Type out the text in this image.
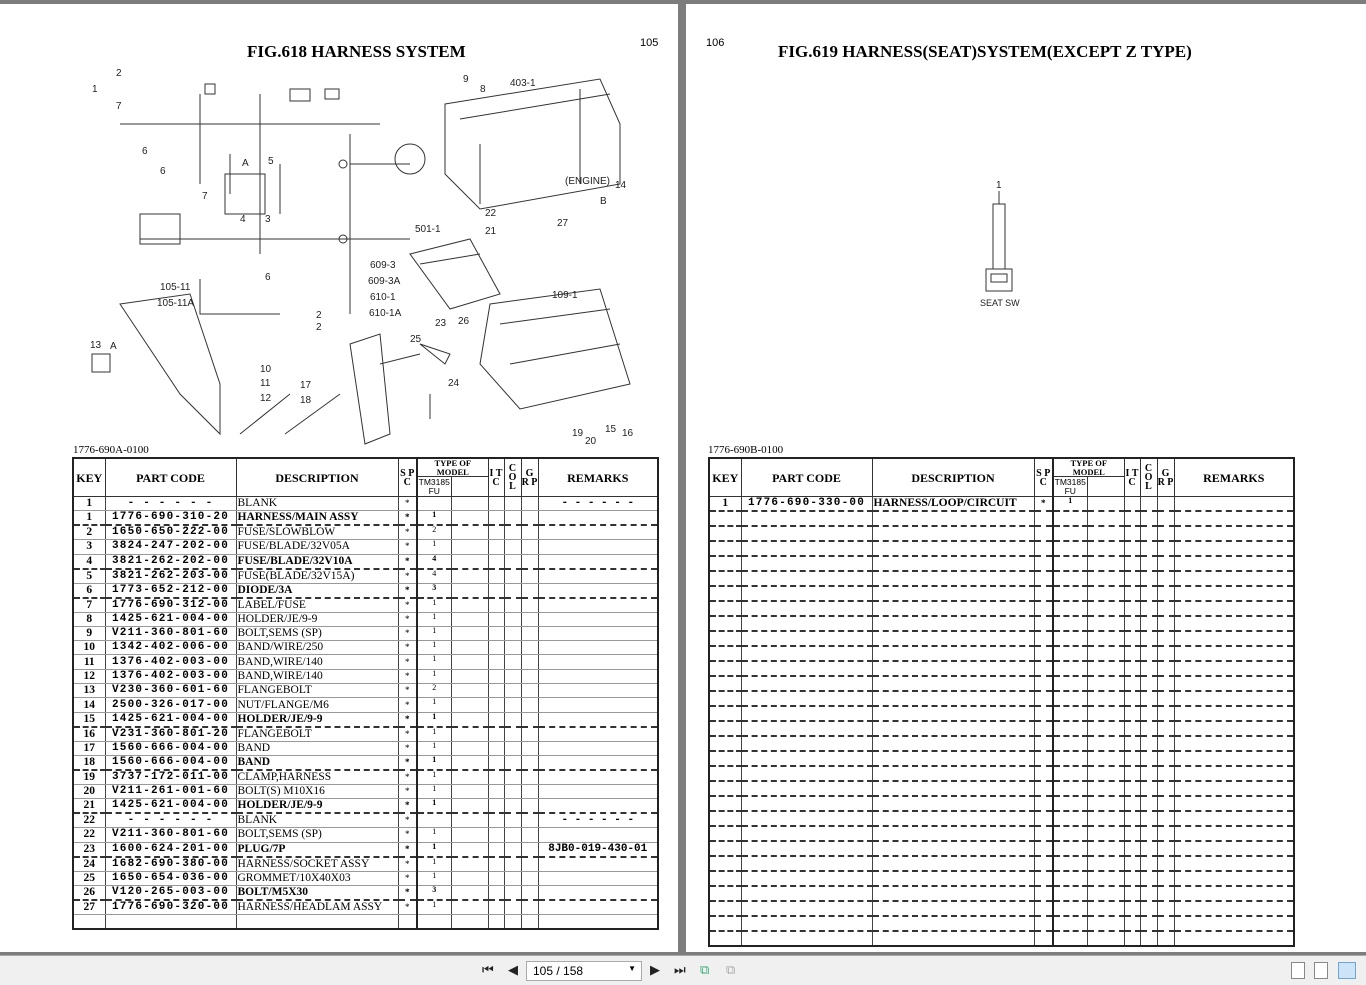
FIG.618 HARNESS SYSTEM	105
1
2
7
9
8
403-1
6
6
5
A
4 3
7
22
21
501-1
27
14
B
(ENGINE)
6
105-11
105-11A
609-3
609-3A
610-1
610-1A
109-1
13 A
10
11
12
17
18
25
23 26
24
19
20
15 16
2
2
1776-690A-0100
KEY	PART CODE	DESCRIPTION	S P C	TYPE OF MODEL		I T C	C O L	G R P	REMARKS
				TM3185 FU					
1	- - - - - -	BLANK	*						- - - - - -
1	1776-690-310-20	HARNESS/MAIN ASSY	*	1					
2	1650-650-222-00	FUSE/SLOWBLOW	*	2					
3	3824-247-202-00	FUSE/BLADE/32V05A	*	1					
4	3821-262-202-00	FUSE/BLADE/32V10A	*	4					
5	3821-262-203-00	FUSE(BLADE/32V15A)	*	4					
6	1773-652-212-00	DIODE/3A	*	3					
7	1776-690-312-00	LABEL/FUSE	*	1					
8	1425-621-004-00	HOLDER/JE/9-9	*	1					
9	V211-360-801-60	BOLT,SEMS (SP)	*	1					
10	1342-402-006-00	BAND/WIRE/250	*	1					
11	1376-402-003-00	BAND,WIRE/140	*	1					
12	1376-402-003-00	BAND,WIRE/140	*	1					
13	V230-360-601-60	FLANGEBOLT	*	2					
14	2500-326-017-00	NUT/FLANGE/M6	*	1					
15	1425-621-004-00	HOLDER/JE/9-9	*	1					
16	V231-360-801-20	FLANGEBOLT	*	1					
17	1560-666-004-00	BAND	*	1					
18	1560-666-004-00	BAND	*	1					
19	3737-172-011-00	CLAMP,HARNESS	*	1					
20	V211-261-001-60	BOLT(S) M10X16	*	1					
21	1425-621-004-00	HOLDER/JE/9-9	*	1					
22	- - - - - -	BLANK	*						- - - - - -
22	V211-360-801-60	BOLT,SEMS (SP)	*	1					
23	1600-624-201-00	PLUG/7P	*	1					8JB0-019-430-01
24	1682-690-380-00	HARNESS/SOCKET ASSY	*	1					
25	1650-654-036-00	GROMMET/10X40X03	*	1					
26	V120-265-003-00	BOLT/M5X30	*	3					
27	1776-690-320-00	HARNESS/HEADLAM ASSY	*	1					

106	FIG.619 HARNESS(SEAT)SYSTEM(EXCEPT Z TYPE)
1
SEAT SW
1776-690B-0100
KEY	PART CODE	DESCRIPTION	S P C	TYPE OF MODEL		I T C	C O L	G R P	REMARKS
				TM3185 FU					
1	1776-690-330-00	HARNESS/LOOP/CIRCUIT	*	1					

⏮ ◀	105 / 158	▼ ▶ ⏭ ⧉ ⧉
